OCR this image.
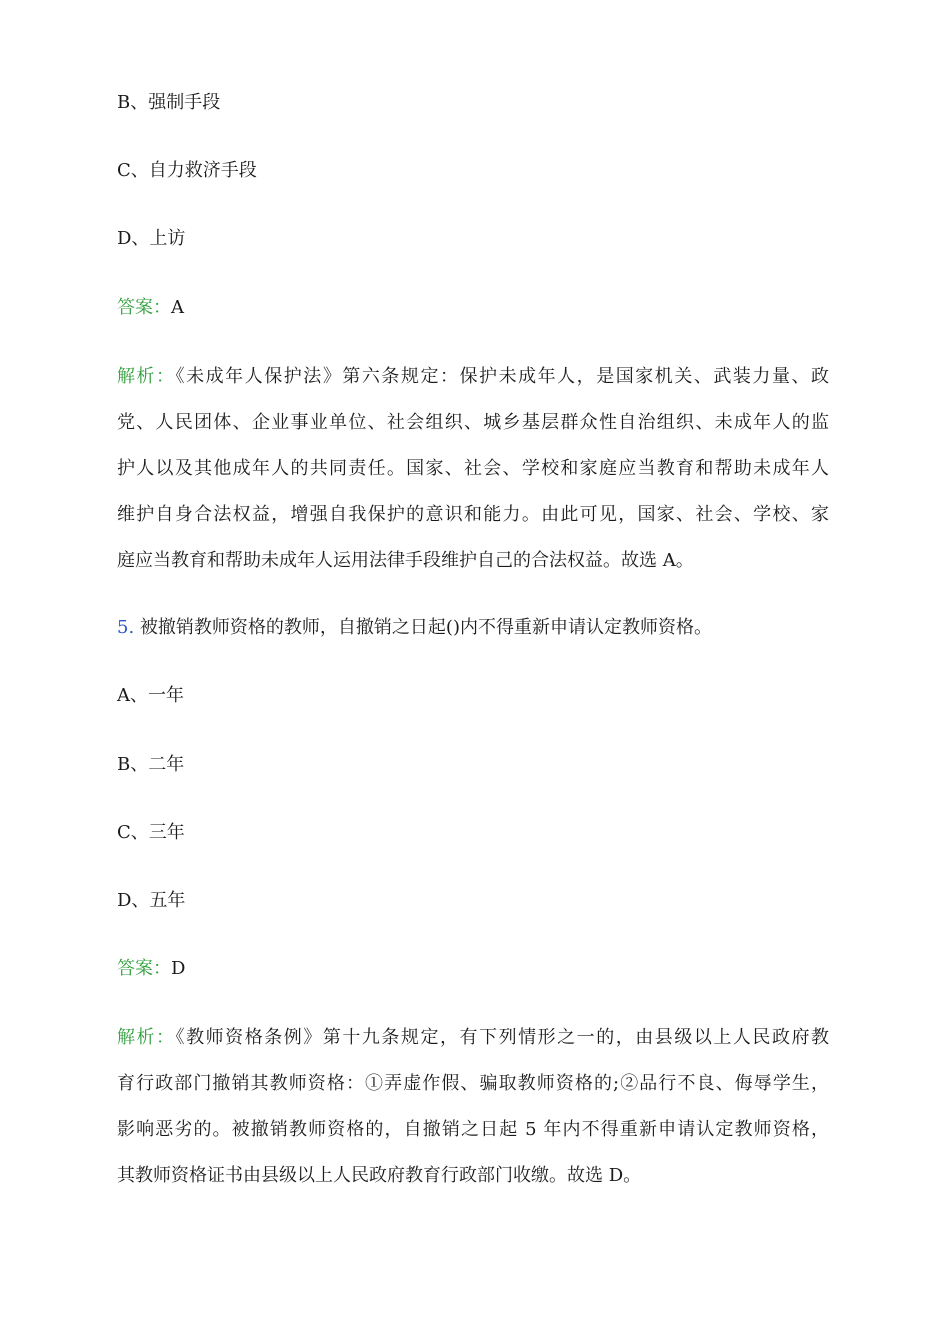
B、强制手段
C、自力救济手段
D、上访
答案：A
解析：《未成年人保护法》第六条规定：保护未成年人，是国家机关、武装力量、政
党、人民团体、企业事业单位、社会组织、城乡基层群众性自治组织、未成年人的监
护人以及其他成年人的共同责任。国家、社会、学校和家庭应当教育和帮助未成年人
维护自身合法权益，增强自我保护的意识和能力。由此可见，国家、社会、学校、家
庭应当教育和帮助未成年人运用法律手段维护自己的合法权益。故选 A。
5. 被撤销教师资格的教师，自撤销之日起()内不得重新申请认定教师资格。
A、一年
B、二年
C、三年
D、五年
答案：D
解析：《教师资格条例》第十九条规定，有下列情形之一的，由县级以上人民政府教
育行政部门撤销其教师资格：①弄虚作假、骗取教师资格的;②品行不良、侮辱学生，
影响恶劣的。被撤销教师资格的，自撤销之日起 5 年内不得重新申请认定教师资格，
其教师资格证书由县级以上人民政府教育行政部门收缴。故选 D。
